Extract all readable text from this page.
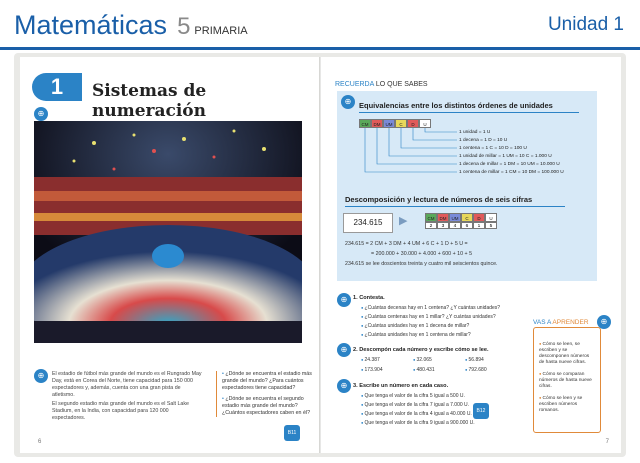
Matemáticas 5 PRIMARIA	Unidad 1
1	Sistemas de numeración
⊕
⊕	El estadio de fútbol más grande del mundo es el Rungrado May Day, está en Corea del Norte, tiene capacidad para 150 000 espectadores y, además, cuenta con una gran pista de atletismo.
El segundo estadio más grande del mundo es el Salt Lake Stadium, en la India, con capacidad para 120 000 espectadores.
• ¿Dónde se encuentra el estadio más grande del mundo? ¿Para cuántos espectadores tiene capacidad?
• ¿Dónde se encuentra el segundo estadio más grande del mundo? ¿Cuántos espectadores caben en él?
B11
6
RECUERDA LO QUE SABES
⊕	Equivalencias entre los distintos órdenes de unidades
CM	DM	UM	C	D	U
1 unidad = 1 U
1 decena = 1 D = 10 U
1 centena = 1 C = 10 D = 100 U
1 unidad de millar = 1 UM = 10 C = 1.000 U
1 decena de millar = 1 DM = 10 UM = 10.000 U
1 centena de millar = 1 CM = 10 DM = 100.000 U
Descomposición y lectura de números de seis cifras
234.615	▶	CM	DM	UM	C	D	U
2	3	4	6	1	5
234.615 = 2 CM + 3 DM + 4 UM + 6 C + 1 D + 5 U =
= 200.000 + 30.000 + 4.000 + 600 + 10 + 5
234.615 se lee doscientos treinta y cuatro mil seiscientos quince.
⊕	1. Contesta.
● ¿Cuántas decenas hay en 1 centena? ¿Y cuántas unidades?
● ¿Cuántas centenas hay en 1 millar? ¿Y cuántas unidades?
● ¿Cuántas unidades hay en 1 decena de millar?
● ¿Cuántas unidades hay en 1 centena de millar?
⊕	2. Descompón cada número y escribe cómo se lee.
● 24.387	● 32.065	● 56.894
● 173.904	● 480.431	● 792.680
⊕	3. Escribe un número en cada caso.
● Que tenga el valor de la cifra 5 igual a 500 U.
● Que tenga el valor de la cifra 7 igual a 7.000 U.
● Que tenga el valor de la cifra 4 igual a 40.000 U.
● Que tenga el valor de la cifra 9 igual a 900.000 U.
B12
VAS A APRENDER	⊕
● Cómo se leen, se escriben y se descomponen números de hasta nueve cifras.
● Cómo se comparan números de hasta nueve cifras.
● Cómo se leen y se escriben números romanos.
7
